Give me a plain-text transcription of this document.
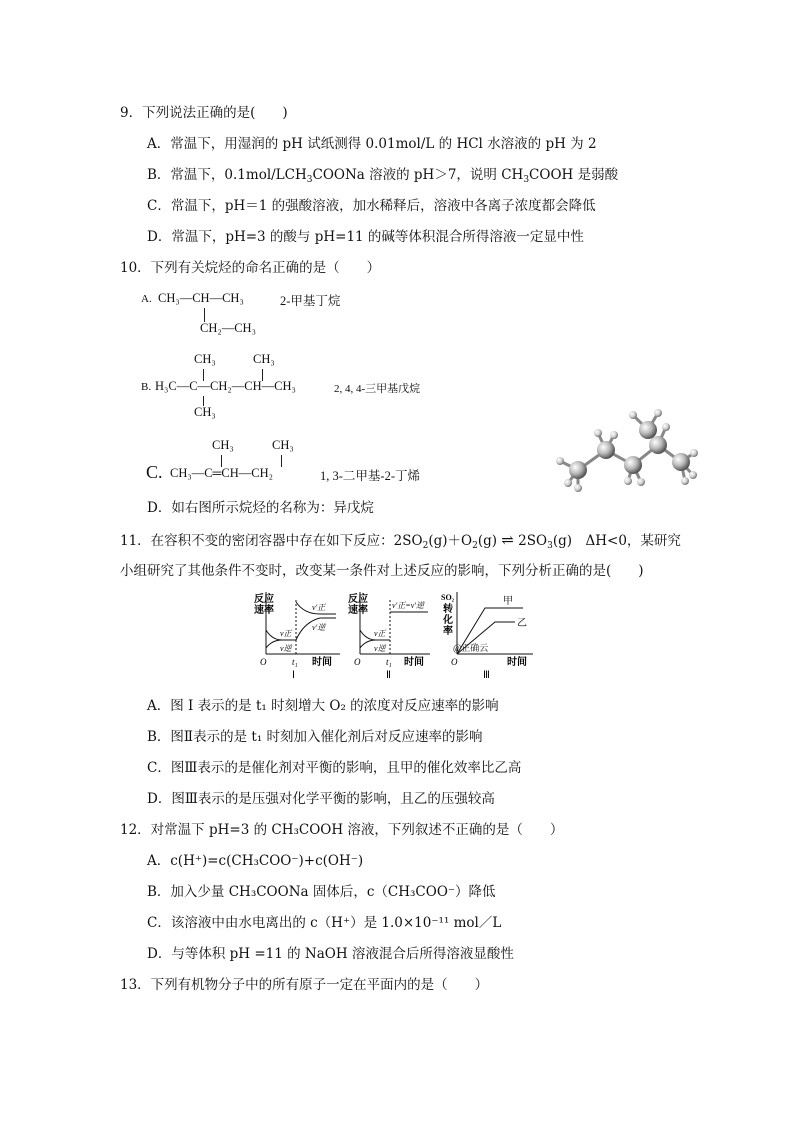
9．下列说法正确的是(　　)
A．常温下，用湿润的 pH 试纸测得 0.01mol/L 的 HCl 水溶液的 pH 为 2
B．常温下，$0.1mol/LCH_3COONa$ 溶液的 pH＞7，说明 $CH_3COOH$ 是弱酸
C．常温下，pH＝1 的强酸溶液，加水稀释后，溶液中各离子浓度都会降低
D．常温下，pH=3 的酸与 pH=11 的碱等体积混合所得溶液一定显中性
10．下列有关烷烃的命名正确的是（　　）
A. CH₃—CH—CH₃
CH₂—CH₃
2-甲基丁烷
CH₃	CH₃
B. H₃C—C—CH₂—CH—CH₃
CH₃
2, 4, 4-三甲基戊烷
CH₃	CH₃
C. CH₃—C═CH—CH₂	1, 3-二甲基-2-丁烯
D．如右图所示烷烃的名称为：异戊烷
11．在容积不变的密闭容器中存在如下反应：$2SO_2(g)+O_2(g)$ ⇌ $2SO_3(g)$　ΔH<0，某研究
小组研究了其他条件不变时，改变某一条件对上述反应的影响，下列分析正确的是(　　)
反应
速率
v正
v逆
v′正
v′逆
O	t₁ 时间
Ⅰ
反应
速率	v′正=v′逆
v正
v逆
O	t₁ 时间
Ⅱ
SO₂
转
化
率
甲
乙
@正确云
O	时间
Ⅲ
A．图 I 表示的是 t₁ 时刻增大 O₂ 的浓度对反应速率的影响
B．图Ⅱ表示的是 t₁ 时刻加入催化剂后对反应速率的影响
C．图Ⅲ表示的是催化剂对平衡的影响，且甲的催化效率比乙高
D．图Ⅲ表示的是压强对化学平衡的影响，且乙的压强较高
12．对常温下 pH=3 的 CH₃COOH 溶液，下列叙述不正确的是（　　）
A．c(H⁺)=c(CH₃COO⁻)+c(OH⁻)
B．加入少量 CH₃COONa 固体后，c（CH₃COO⁻）降低
C．该溶液中由水电离出的 c（H⁺）是 1.0×10⁻¹¹ mol／L
D．与等体积 pH =11 的 NaOH 溶液混合后所得溶液显酸性
13．下列有机物分子中的所有原子一定在平面内的是（　　）
